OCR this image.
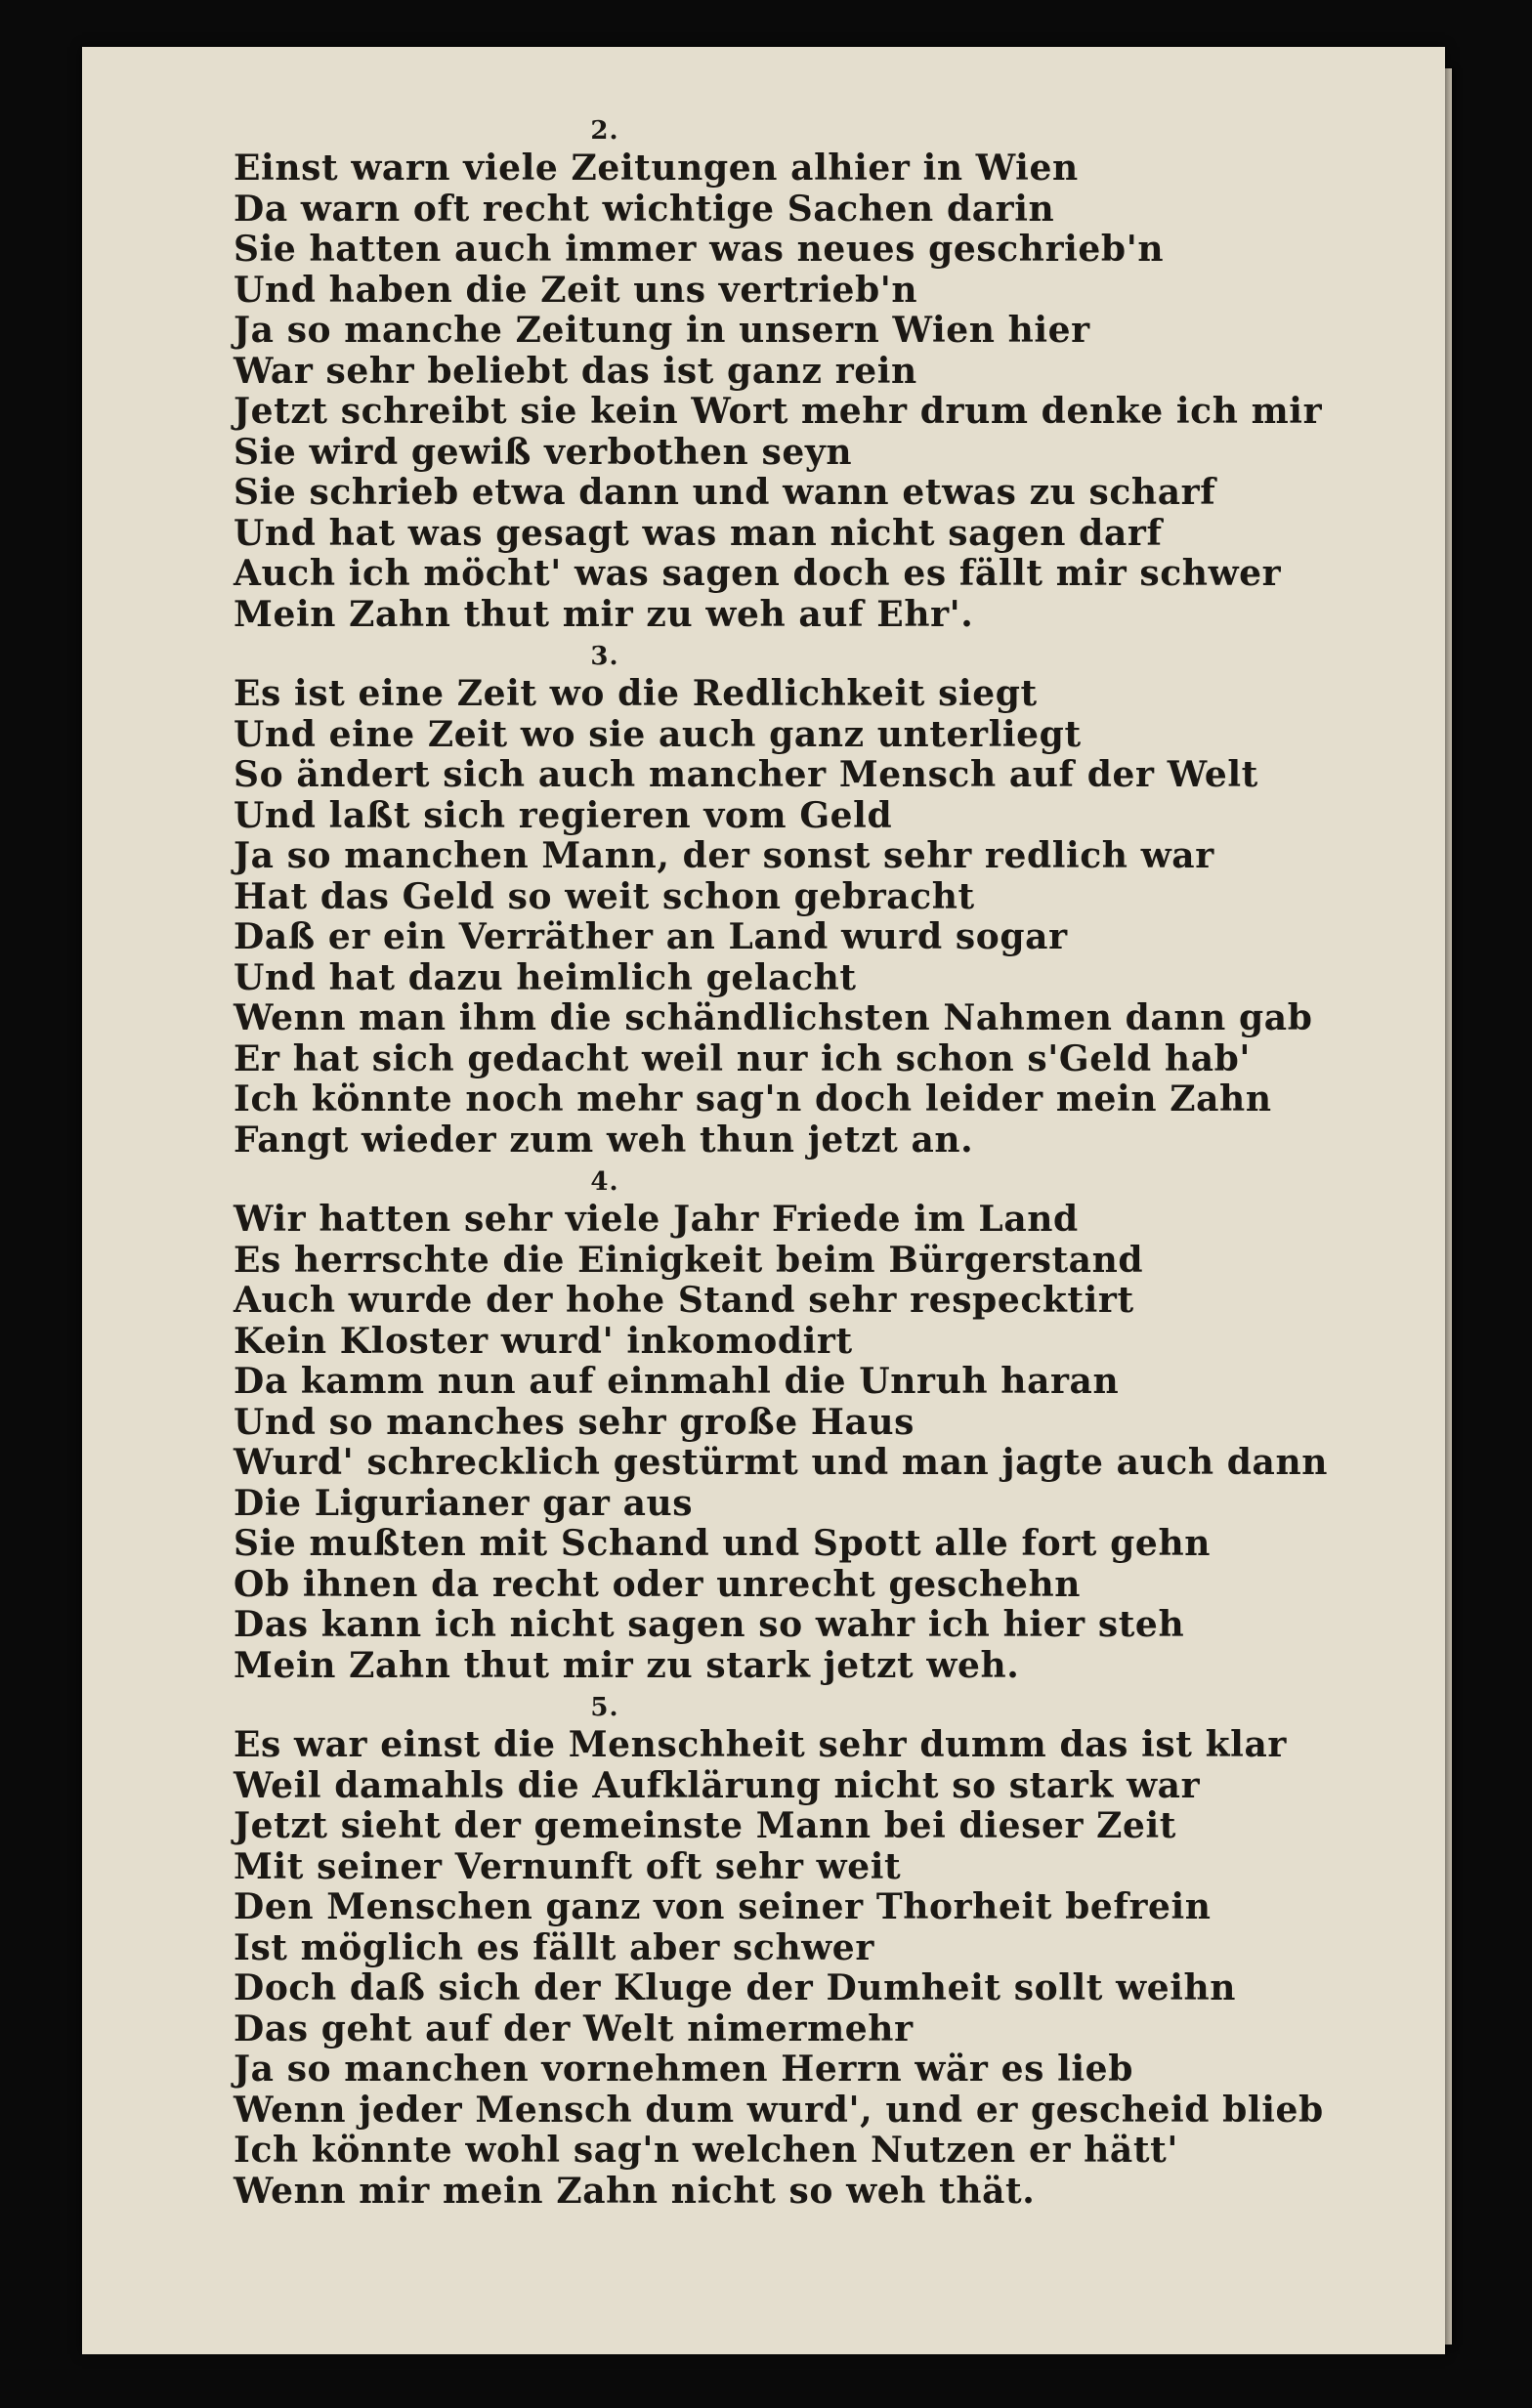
2.
Einst warn viele Zeitungen alhier in Wien
Da warn oft recht wichtige Sachen darin
Sie hatten auch immer was neues geschrieb'n
Und haben die Zeit uns vertrieb'n
Ja so manche Zeitung in unsern Wien hier
War sehr beliebt das ist ganz rein
Jetzt schreibt sie kein Wort mehr drum denke ich mir
Sie wird gewiß verbothen seyn
Sie schrieb etwa dann und wann etwas zu scharf
Und hat was gesagt was man nicht sagen darf
Auch ich möcht' was sagen doch es fällt mir schwer
Mein Zahn thut mir zu weh auf Ehr'.
3.
Es ist eine Zeit wo die Redlichkeit siegt
Und eine Zeit wo sie auch ganz unterliegt
So ändert sich auch mancher Mensch auf der Welt
Und laßt sich regieren vom Geld
Ja so manchen Mann, der sonst sehr redlich war
Hat das Geld so weit schon gebracht
Daß er ein Verräther an Land wurd sogar
Und hat dazu heimlich gelacht
Wenn man ihm die schändlichsten Nahmen dann gab
Er hat sich gedacht weil nur ich schon s'Geld hab'
Ich könnte noch mehr sag'n doch leider mein Zahn
Fangt wieder zum weh thun jetzt an.
4.
Wir hatten sehr viele Jahr Friede im Land
Es herrschte die Einigkeit beim Bürgerstand
Auch wurde der hohe Stand sehr respecktirt
Kein Kloster wurd' inkomodirt
Da kamm nun auf einmahl die Unruh haran
Und so manches sehr große Haus
Wurd' schrecklich gestürmt und man jagte auch dann
Die Ligurianer gar aus
Sie mußten mit Schand und Spott alle fort gehn
Ob ihnen da recht oder unrecht geschehn
Das kann ich nicht sagen so wahr ich hier steh
Mein Zahn thut mir zu stark jetzt weh.
5.
Es war einst die Menschheit sehr dumm das ist klar
Weil damahls die Aufklärung nicht so stark war
Jetzt sieht der gemeinste Mann bei dieser Zeit
Mit seiner Vernunft oft sehr weit
Den Menschen ganz von seiner Thorheit befrein
Ist möglich es fällt aber schwer
Doch daß sich der Kluge der Dumheit sollt weihn
Das geht auf der Welt nimermehr
Ja so manchen vornehmen Herrn wär es lieb
Wenn jeder Mensch dum wurd', und er gescheid blieb
Ich könnte wohl sag'n welchen Nutzen er hätt'
Wenn mir mein Zahn nicht so weh thät.
